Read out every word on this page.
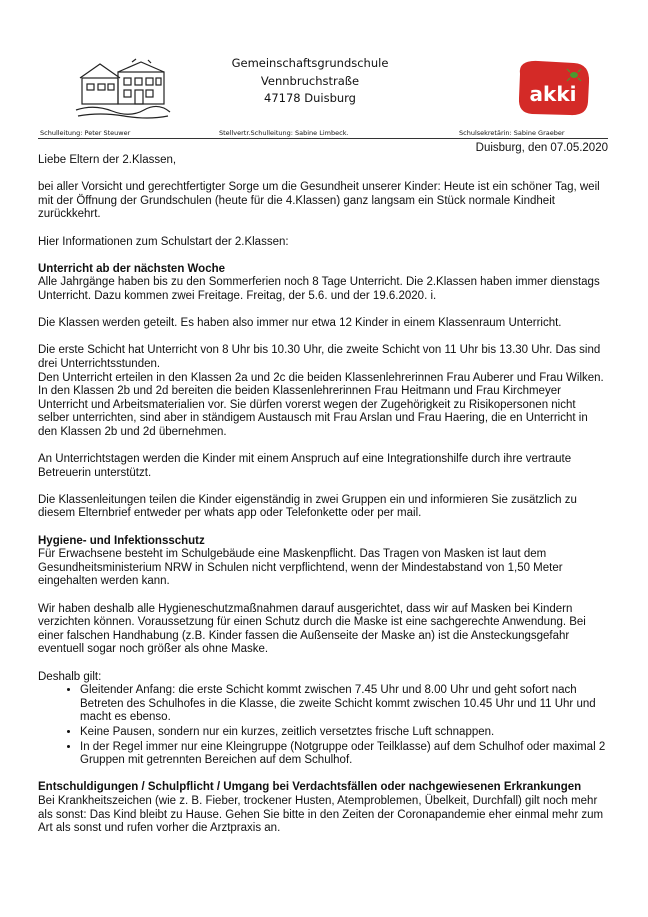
Gemeinschaftsgrundschule
Vennbruchstraße
47178 Duisburg	akki
Schulleitung: Peter Steuwer	Stellvertr.Schulleitung: Sabine Limbeck.	Schulsekretärin: Sabine Graeber
Duisburg, den 07.05.2020

Liebe Eltern der 2.Klassen,

bei aller Vorsicht und gerechtfertigter Sorge um die Gesundheit unserer Kinder: Heute ist ein schöner Tag, weil mit der Öffnung der Grundschulen (heute für die 4.Klassen) ganz langsam ein Stück normale Kindheit zurückkehrt.

Hier Informationen zum Schulstart der 2.Klassen:

Unterricht ab der nächsten Woche

Alle Jahrgänge haben bis zu den Sommerferien noch 8 Tage Unterricht. Die 2.Klassen haben immer dienstags Unterricht. Dazu kommen zwei Freitage. Freitag, der 5.6. und der 19.6.2020. i.

Die Klassen werden geteilt. Es haben also immer nur etwa 12 Kinder in einem Klassenraum Unterricht.

Die erste Schicht hat Unterricht von 8 Uhr bis 10.30 Uhr, die zweite Schicht von 11 Uhr bis 13.30 Uhr. Das sind drei Unterrichtsstunden.

Den Unterricht erteilen in den Klassen 2a und 2c die beiden Klassenlehrerinnen Frau Auberer und Frau Wilken. In den Klassen 2b und 2d bereiten die beiden Klassenlehrerinnen Frau Heitmann und Frau Kirchmeyer Unterricht und Arbeitsmaterialien vor. Sie dürfen vorerst wegen der Zugehörigkeit zu Risikopersonen nicht selber unterrichten, sind aber in ständigem Austausch mit Frau Arslan und Frau Haering, die en Unterricht in den Klassen 2b und 2d übernehmen.

An Unterrichtstagen werden die Kinder mit einem Anspruch auf eine Integrationshilfe durch ihre vertraute Betreuerin unterstützt.

Die Klassenleitungen teilen die Kinder eigenständig in zwei Gruppen ein und informieren Sie zusätzlich zu diesem Elternbrief entweder per whats app oder Telefonkette oder per mail.

Hygiene- und Infektionsschutz

Für Erwachsene besteht im Schulgebäude eine Maskenpflicht. Das Tragen von Masken ist laut dem Gesundheitsministerium NRW in Schulen nicht verpflichtend, wenn der Mindestabstand von 1,50 Meter eingehalten werden kann.

Wir haben deshalb alle Hygieneschutzmaßnahmen darauf ausgerichtet, dass wir auf Masken bei Kindern verzichten können. Voraussetzung für einen Schutz durch die Maske ist eine sachgerechte Anwendung. Bei einer falschen Handhabung (z.B. Kinder fassen die Außenseite der Maske an) ist die Ansteckungsgefahr eventuell sogar noch größer als ohne Maske.

Deshalb gilt:
• Gleitender Anfang: die erste Schicht kommt zwischen 7.45 Uhr und 8.00 Uhr und geht sofort nach Betreten des Schulhofes in die Klasse, die zweite Schicht kommt zwischen 10.45 Uhr und 11 Uhr und macht es ebenso.
• Keine Pausen, sondern nur ein kurzes, zeitlich versetztes frische Luft schnappen.
• In der Regel immer nur eine Kleingruppe (Notgruppe oder Teilklasse) auf dem Schulhof oder maximal 2 Gruppen mit getrennten Bereichen auf dem Schulhof.
Entschuldigungen / Schulpflicht / Umgang bei Verdachtsfällen oder nachgewiesenen Erkrankungen

Bei Krankheitszeichen (wie z. B. Fieber, trockener Husten, Atemproblemen, Übelkeit, Durchfall) gilt noch mehr als sonst: Das Kind bleibt zu Hause. Gehen Sie bitte in den Zeiten der Coronapandemie eher einmal mehr zum Art als sonst und rufen vorher die Arztpraxis an.
